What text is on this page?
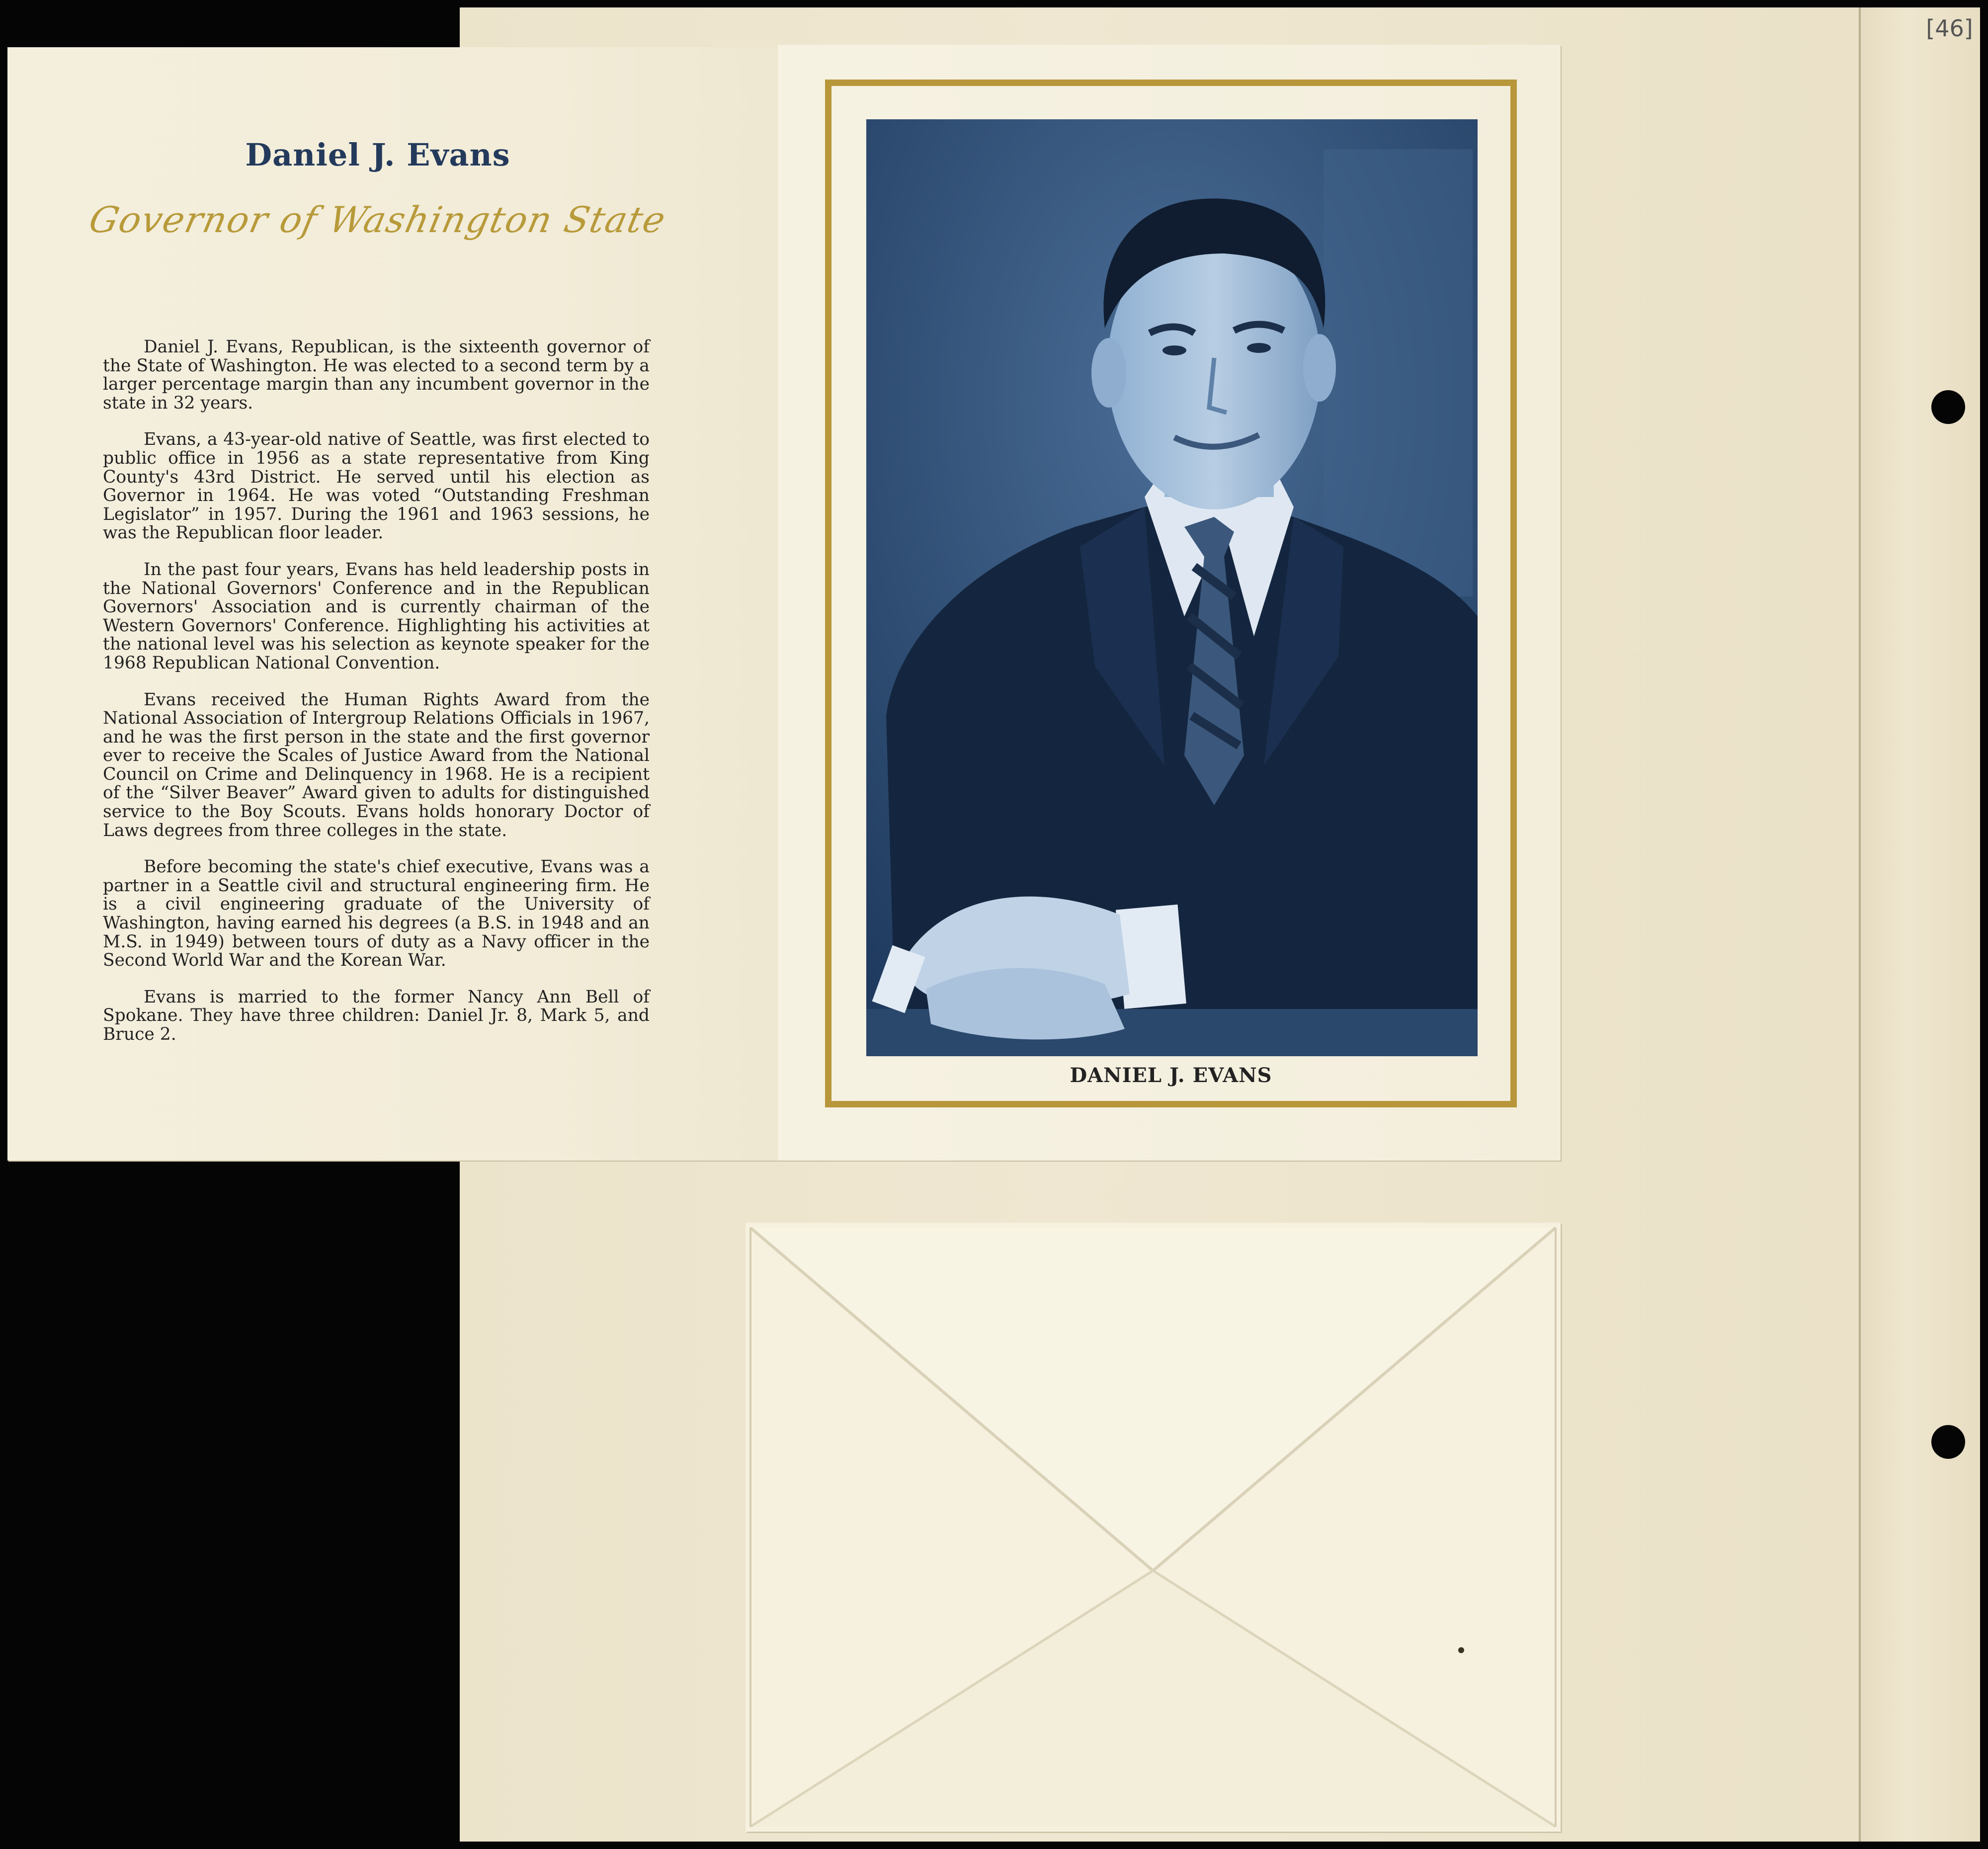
[46]
Daniel J. Evans
Governor of Washington State

Daniel J. Evans, Republican, is the sixteenth governor of the State of Washington. He was elected to a second term by a larger percentage margin than any incumbent governor in the state in 32 years.

Evans, a 43-year-old native of Seattle, was first elected to public office in 1956 as a state representative from King County's 43rd District. He served until his election as Governor in 1964. He was voted “Outstanding Freshman Legislator” in 1957. During the 1961 and 1963 sessions, he was the Republican floor leader.

In the past four years, Evans has held leadership posts in the National Governors' Conference and in the Republican Governors' Association and is currently chairman of the Western Governors' Conference. Highlighting his activities at the national level was his selection as keynote speaker for the 1968 Republican National Convention.

Evans received the Human Rights Award from the National Association of Intergroup Relations Officials in 1967, and he was the first person in the state and the first governor ever to receive the Scales of Justice Award from the National Council on Crime and Delinquency in 1968. He is a recipient of the “Silver Beaver” Award given to adults for distinguished service to the Boy Scouts. Evans holds honorary Doctor of Laws degrees from three colleges in the state.

Before becoming the state's chief executive, Evans was a partner in a Seattle civil and structural engineering firm. He is a civil engineering graduate of the University of Washington, having earned his degrees (a B.S. in 1948 and an M.S. in 1949) between tours of duty as a Navy officer in the Second World War and the Korean War.

Evans is married to the former Nancy Ann Bell of Spokane. They have three children: Daniel Jr. 8, Mark 5, and Bruce 2.

DANIEL J. EVANS
